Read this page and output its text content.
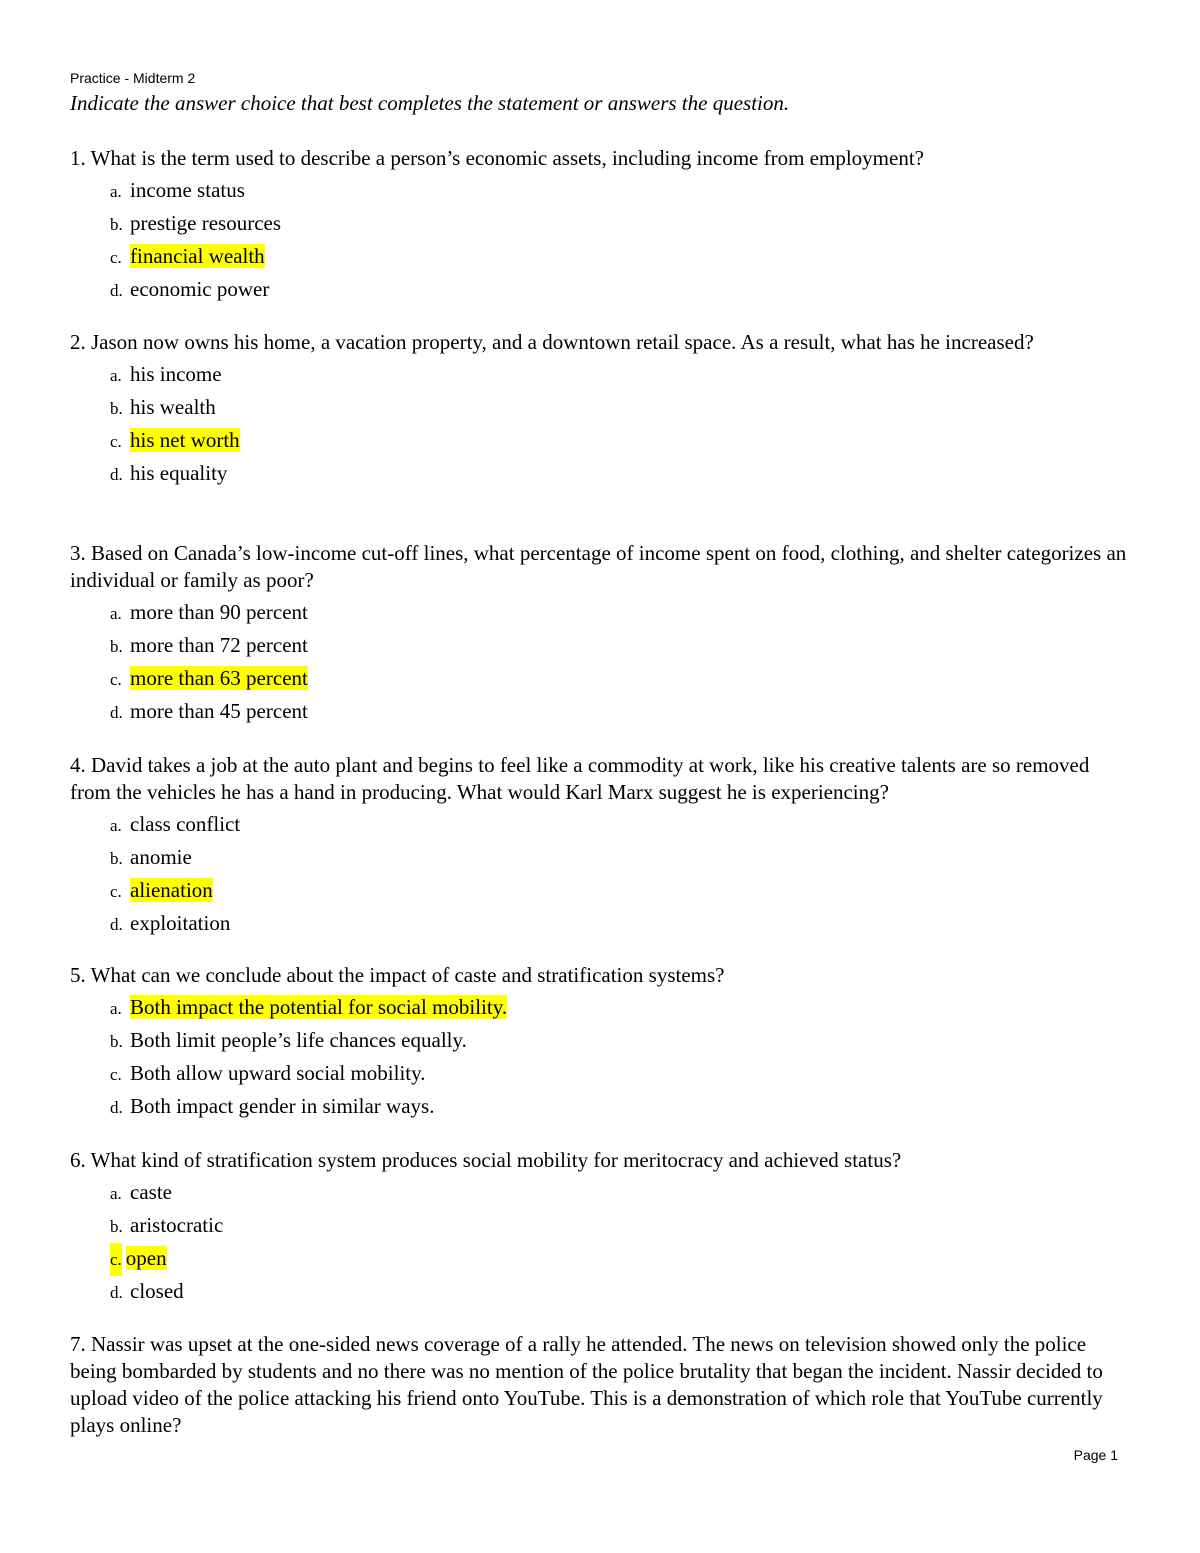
Practice - Midterm 2
Indicate the answer choice that best completes the statement or answers the question.

1. What is the term used to describe a person’s economic assets, including income from employment?

a. income status
b. prestige resources
c. financial wealth
d. economic power

2. Jason now owns his home, a vacation property, and a downtown retail space. As a result, what has he increased?

a. his income
b. his wealth
c. his net worth
d. his equality

3. Based on Canada’s low-income cut-off lines, what percentage of income spent on food, clothing, and shelter categorizes an individual or family as poor?

a. more than 90 percent
b. more than 72 percent
c. more than 63 percent
d. more than 45 percent

4. David takes a job at the auto plant and begins to feel like a commodity at work, like his creative talents are so removed from the vehicles he has a hand in producing. What would Karl Marx suggest he is experiencing?

a. class conflict
b. anomie
c. alienation
d. exploitation

5. What can we conclude about the impact of caste and stratification systems?

a. Both impact the potential for social mobility.
b. Both limit people’s life chances equally.
c. Both allow upward social mobility.
d. Both impact gender in similar ways.

6. What kind of stratification system produces social mobility for meritocracy and achieved status?

a. caste
b. aristocratic
c. open
d. closed

7. Nassir was upset at the one-sided news coverage of a rally he attended. The news on television showed only the police being bombarded by students and no there was no mention of the police brutality that began the incident. Nassir decided to upload video of the police attacking his friend onto YouTube. This is a demonstration of which role that YouTube currently plays online?

Page 1
